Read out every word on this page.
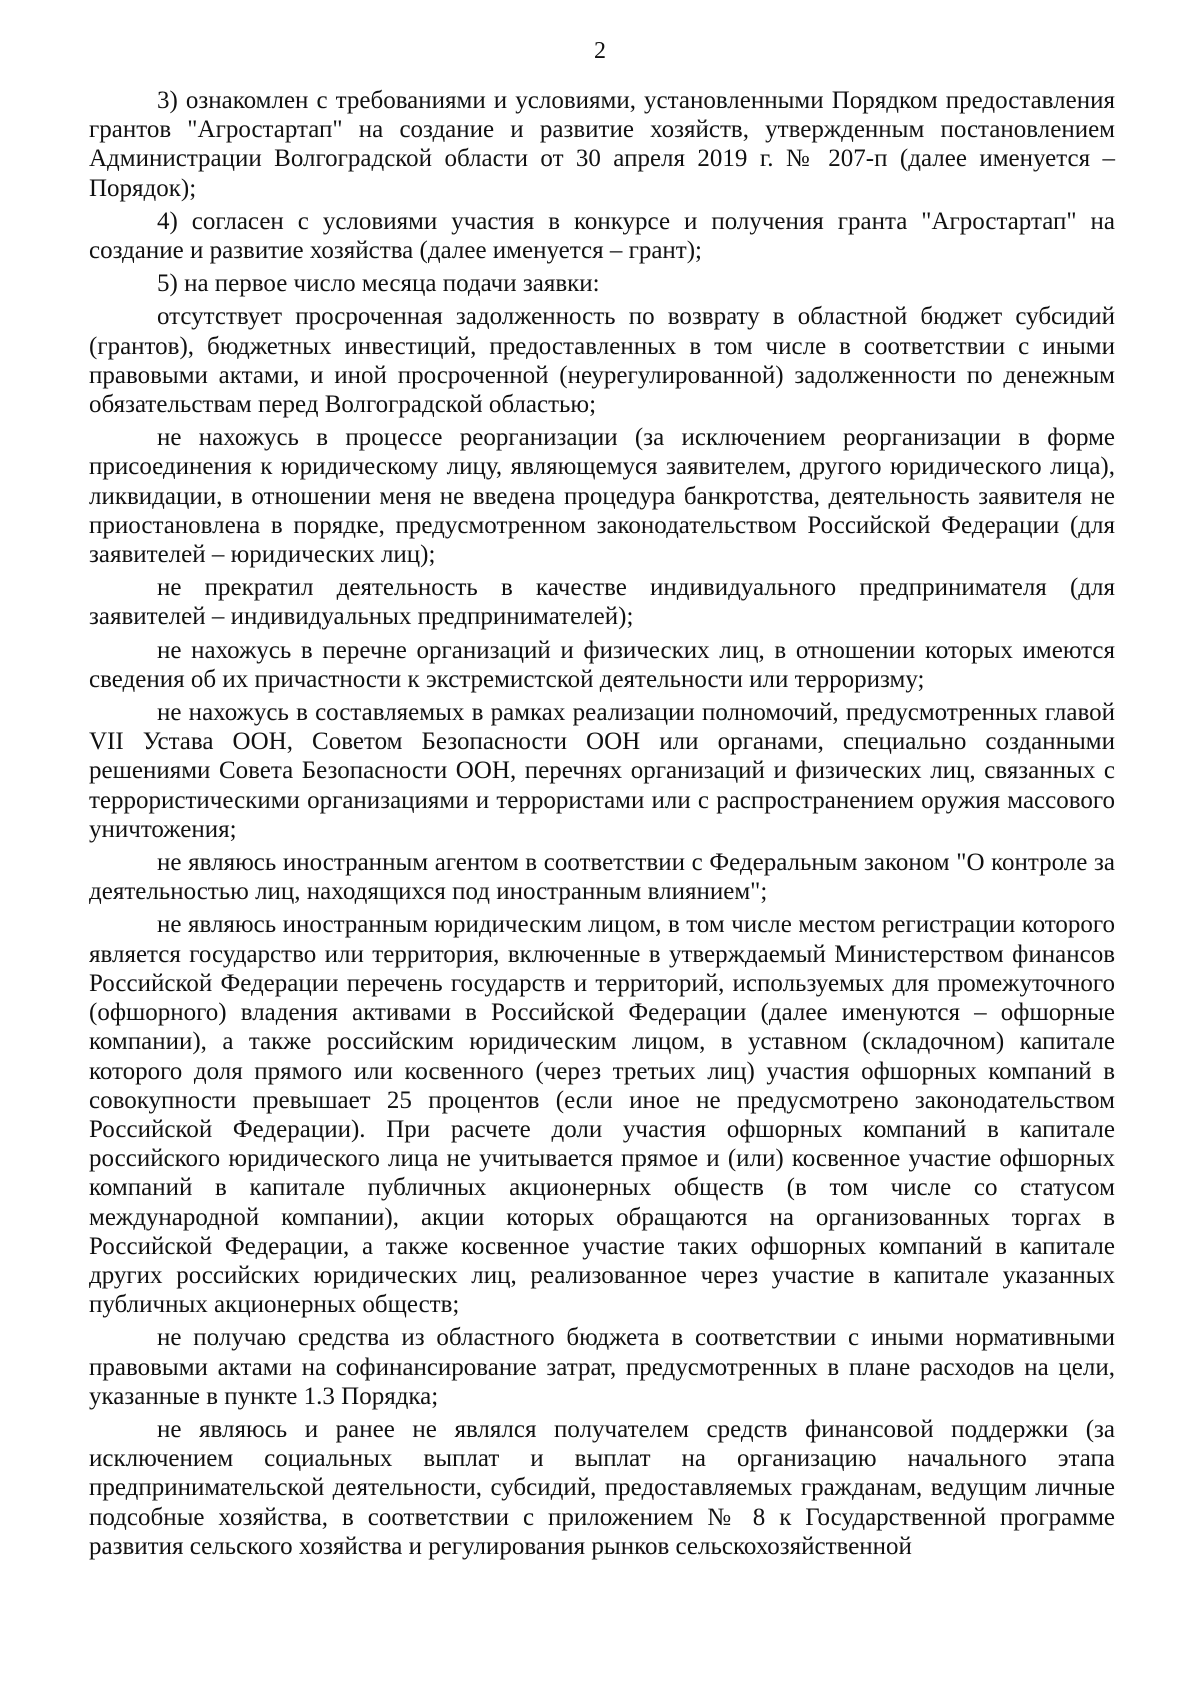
2

3) ознакомлен с требованиями и условиями, установленными Порядком предоставления грантов "Агростартап" на создание и развитие хозяйств, утвержденным постановлением Администрации Волгоградской области от 30 апреля 2019 г. № 207-п (далее именуется – Порядок);

4) согласен с условиями участия в конкурсе и получения гранта "Агростартап" на создание и развитие хозяйства (далее именуется – грант);

5) на первое число месяца подачи заявки:

отсутствует просроченная задолженность по возврату в областной бюджет субсидий (грантов), бюджетных инвестиций, предоставленных в том числе в соответствии с иными правовыми актами, и иной просроченной (неурегулированной) задолженности по денежным обязательствам перед Волгоградской областью;

не нахожусь в процессе реорганизации (за исключением реорганизации в форме присоединения к юридическому лицу, являющемуся заявителем, другого юридического лица), ликвидации, в отношении меня не введена процедура банкротства, деятельность заявителя не приостановлена в порядке, предусмотренном законодательством Российской Федерации (для заявителей – юридических лиц);

не прекратил деятельность в качестве индивидуального предпринимателя (для заявителей – индивидуальных предпринимателей);

не нахожусь в перечне организаций и физических лиц, в отношении которых имеются сведения об их причастности к экстремистской деятельности или терроризму;

не нахожусь в составляемых в рамках реализации полномочий, предусмотренных главой VII Устава ООН, Советом Безопасности ООН или органами, специально созданными решениями Совета Безопасности ООН, перечнях организаций и физических лиц, связанных с террористическими организациями и террористами или с распространением оружия массового уничтожения;

не являюсь иностранным агентом в соответствии с Федеральным законом "О контроле за деятельностью лиц, находящихся под иностранным влиянием";

не являюсь иностранным юридическим лицом, в том числе местом регистрации которого является государство или территория, включенные в утверждаемый Министерством финансов Российской Федерации перечень государств и территорий, используемых для промежуточного (офшорного) владения активами в Российской Федерации (далее именуются – офшорные компании), а также российским юридическим лицом, в уставном (складочном) капитале которого доля прямого или косвенного (через третьих лиц) участия офшорных компаний в совокупности превышает 25 процентов (если иное не предусмотрено законодательством Российской Федерации). При расчете доли участия офшорных компаний в капитале российского юридического лица не учитывается прямое и (или) косвенное участие офшорных компаний в капитале публичных акционерных обществ (в том числе со статусом международной компании), акции которых обращаются на организованных торгах в Российской Федерации, а также косвенное участие таких офшорных компаний в капитале других российских юридических лиц, реализованное через участие в капитале указанных публичных акционерных обществ;

не получаю средства из областного бюджета в соответствии с иными нормативными правовыми актами на софинансирование затрат, предусмотренных в плане расходов на цели, указанные в пункте 1.3 Порядка;

не являюсь и ранее не являлся получателем средств финансовой поддержки (за исключением социальных выплат и выплат на организацию начального этапа предпринимательской деятельности, субсидий, предоставляемых гражданам, ведущим личные подсобные хозяйства, в соответствии с приложением № 8 к Государственной программе развития сельского хозяйства и регулирования рынков сельскохозяйственной
